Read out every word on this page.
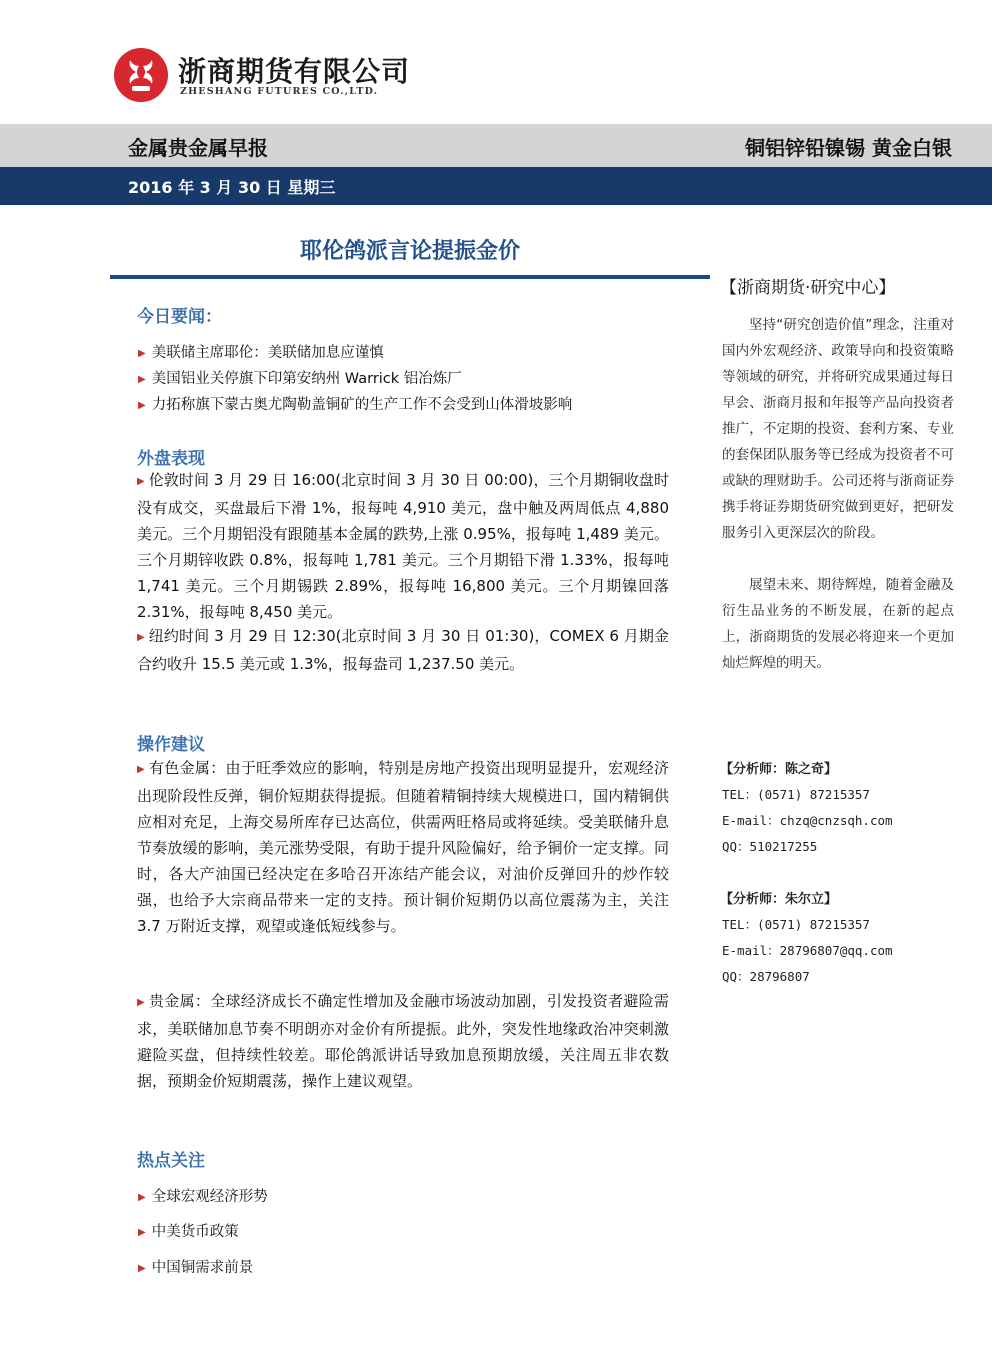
浙商期货有限公司
ZHESHANG FUTURES CO.,LTD.
金属贵金属早报	铜铝锌铅镍锡 黄金白银
2016 年 3 月 30 日 星期三
耶伦鸽派言论提振金价
今日要闻：
▶ 美联储主席耶伦：美联储加息应谨慎
▶ 美国铝业关停旗下印第安纳州 Warrick 铝冶炼厂
▶ 力拓称旗下蒙古奥尤陶勒盖铜矿的生产工作不会受到山体滑坡影响
外盘表现
▶ 伦敦时间 3 月 29 日 16:00(北京时间 3 月 30 日 00:00)，三个月期铜收盘时没有成交，买盘最后下滑 1%，报每吨 4,910 美元，盘中触及两周低点 4,880 美元。三个月期铝没有跟随基本金属的跌势,上涨 0.95%，报每吨 1,489 美元。三个月期锌收跌 0.8%，报每吨 1,781 美元。三个月期铅下滑 1.33%，报每吨 1,741 美元。三个月期锡跌 2.89%，报每吨 16,800 美元。三个月期镍回落 2.31%，报每吨 8,450 美元。
▶ 纽约时间 3 月 29 日 12:30(北京时间 3 月 30 日 01:30)，COMEX 6 月期金合约收升 15.5 美元或 1.3%，报每盎司 1,237.50 美元。
操作建议
▶ 有色金属：由于旺季效应的影响，特别是房地产投资出现明显提升，宏观经济出现阶段性反弹，铜价短期获得提振。但随着精铜持续大规模进口，国内精铜供应相对充足，上海交易所库存已达高位，供需两旺格局或将延续。受美联储升息节奏放缓的影响，美元涨势受限，有助于提升风险偏好，给予铜价一定支撑。同时，各大产油国已经决定在多哈召开冻结产能会议，对油价反弹回升的炒作较强，也给予大宗商品带来一定的支持。预计铜价短期仍以高位震荡为主，关注 3.7 万附近支撑，观望或逢低短线参与。
▶ 贵金属：全球经济成长不确定性增加及金融市场波动加剧，引发投资者避险需求，美联储加息节奏不明朗亦对金价有所提振。此外，突发性地缘政治冲突刺激避险买盘，但持续性较差。耶伦鸽派讲话导致加息预期放缓，关注周五非农数据，预期金价短期震荡，操作上建议观望。
热点关注
▶ 全球宏观经济形势
▶ 中美货币政策
▶ 中国铜需求前景
【浙商期货·研究中心】
坚持“研究创造价值”理念，注重对国内外宏观经济、政策导向和投资策略等领域的研究，并将研究成果通过每日早会、浙商月报和年报等产品向投资者推广，不定期的投资、套利方案、专业的套保团队服务等已经成为投资者不可或缺的理财助手。公司还将与浙商证券携手将证券期货研究做到更好，把研发服务引入更深层次的阶段。
展望未来、期待辉煌，随着金融及衍生品业务的不断发展，在新的起点上，浙商期货的发展必将迎来一个更加灿烂辉煌的明天。
【分析师：陈之奇】
TEL：(0571) 87215357
E-mail：chzq@cnzsqh.com
QQ：510217255
【分析师：朱尔立】
TEL：(0571) 87215357
E-mail：28796807@qq.com
QQ：28796807
